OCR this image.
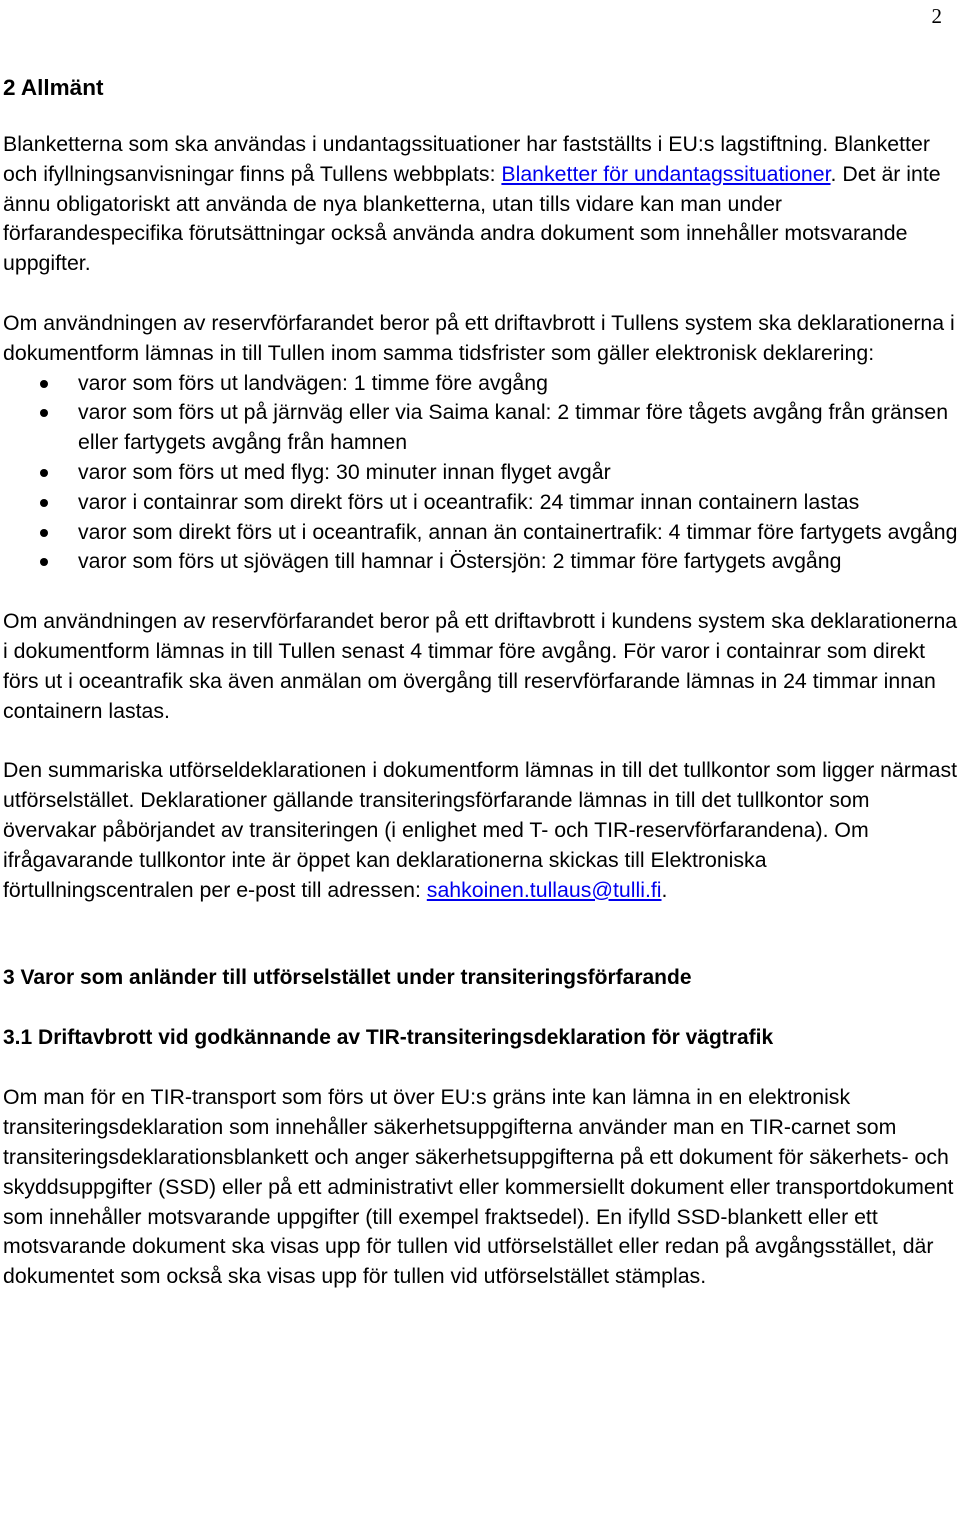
2
2 Allmänt

Blanketterna som ska användas i undantagssituationer har fastställts i EU:s lagstiftning. Blanketter och ifyllningsanvisningar finns på Tullens webbplats: Blanketter för undantagssituationer. Det är inte ännu obligatoriskt att använda de nya blanketterna, utan tills vidare kan man under förfarandespecifika förutsättningar också använda andra dokument som innehåller motsvarande uppgifter.

Om användningen av reservförfarandet beror på ett driftavbrott i Tullens system ska deklarationerna i dokumentform lämnas in till Tullen inom samma tidsfrister som gäller elektronisk deklarering:

varor som förs ut landvägen: 1 timme före avgång
varor som förs ut på järnväg eller via Saima kanal: 2 timmar före tågets avgång från gränsen eller fartygets avgång från hamnen
varor som förs ut med flyg: 30 minuter innan flyget avgår
varor i containrar som direkt förs ut i oceantrafik: 24 timmar innan containern lastas
varor som direkt förs ut i oceantrafik, annan än containertrafik: 4 timmar före fartygets avgång
varor som förs ut sjövägen till hamnar i Östersjön: 2 timmar före fartygets avgång

Om användningen av reservförfarandet beror på ett driftavbrott i kundens system ska deklarationerna i dokumentform lämnas in till Tullen senast 4 timmar före avgång. För varor i containrar som direkt förs ut i oceantrafik ska även anmälan om övergång till reservförfarande lämnas in 24 timmar innan containern lastas.

Den summariska utförseldeklarationen i dokumentform lämnas in till det tullkontor som ligger närmast utförselstället. Deklarationer gällande transiteringsförfarande lämnas in till det tullkontor som övervakar påbörjandet av transiteringen (i enlighet med T- och TIR-reservförfarandena). Om ifrågavarande tullkontor inte är öppet kan deklarationerna skickas till Elektroniska förtullningscentralen per e-post till adressen: sahkoinen.tullaus@tulli.fi.

3 Varor som anländer till utförselstället under transiteringsförfarande
3.1 Driftavbrott vid godkännande av TIR-transiteringsdeklaration för vägtrafik

Om man för en TIR-transport som förs ut över EU:s gräns inte kan lämna in en elektronisk transiteringsdeklaration som innehåller säkerhetsuppgifterna använder man en TIR-carnet som transiteringsdeklarationsblankett och anger säkerhetsuppgifterna på ett dokument för säkerhets- och skyddsuppgifter (SSD) eller på ett administrativt eller kommersiellt dokument eller transportdokument som innehåller motsvarande uppgifter (till exempel fraktsedel). En ifylld SSD-blankett eller ett motsvarande dokument ska visas upp för tullen vid utförselstället eller redan på avgångsstället, där dokumentet som också ska visas upp för tullen vid utförselstället stämplas.
